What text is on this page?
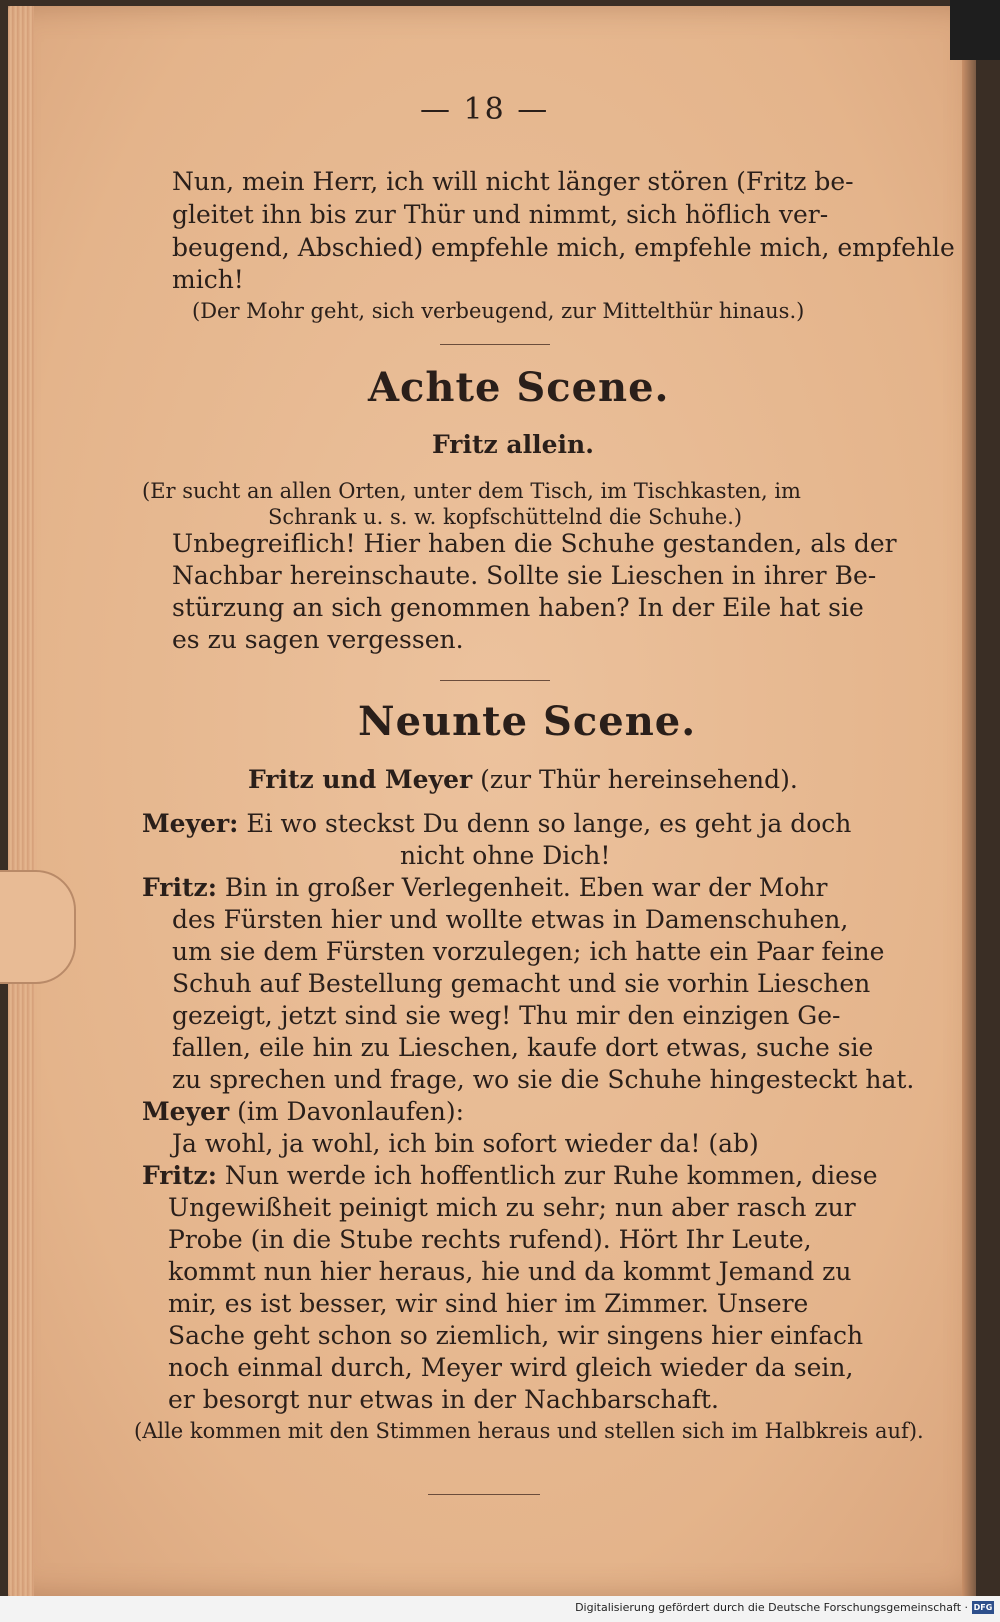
— 18 —
Nun, mein Herr, ich will nicht länger stören (Fritz be-
gleitet ihn bis zur Thür und nimmt, sich höflich ver-
beugend, Abschied) empfehle mich, empfehle mich, empfehle
mich!
(Der Mohr geht, sich verbeugend, zur Mittelthür hinaus.)
Achte Scene.
Fritz allein.
(Er sucht an allen Orten, unter dem Tisch, im Tischkasten, im
Schrank u. s. w. kopfschüttelnd die Schuhe.)
Unbegreiflich! Hier haben die Schuhe gestanden, als der
Nachbar hereinschaute. Sollte sie Lieschen in ihrer Be-
stürzung an sich genommen haben? In der Eile hat sie
es zu sagen vergessen.
Neunte Scene.
Fritz und Meyer (zur Thür hereinsehend).
Meyer: Ei wo steckst Du denn so lange, es geht ja doch
nicht ohne Dich!
Fritz: Bin in großer Verlegenheit. Eben war der Mohr
des Fürsten hier und wollte etwas in Damenschuhen,
um sie dem Fürsten vorzulegen; ich hatte ein Paar feine
Schuh auf Bestellung gemacht und sie vorhin Lieschen
gezeigt, jetzt sind sie weg! Thu mir den einzigen Ge-
fallen, eile hin zu Lieschen, kaufe dort etwas, suche sie
zu sprechen und frage, wo sie die Schuhe hingesteckt hat.
Meyer (im Davonlaufen):
Ja wohl, ja wohl, ich bin sofort wieder da! (ab)
Fritz: Nun werde ich hoffentlich zur Ruhe kommen, diese
Ungewißheit peinigt mich zu sehr; nun aber rasch zur
Probe (in die Stube rechts rufend). Hört Ihr Leute,
kommt nun hier heraus, hie und da kommt Jemand zu
mir, es ist besser, wir sind hier im Zimmer. Unsere
Sache geht schon so ziemlich, wir singens hier einfach
noch einmal durch, Meyer wird gleich wieder da sein,
er besorgt nur etwas in der Nachbarschaft.
(Alle kommen mit den Stimmen heraus und stellen sich im Halbkreis auf).
Digitalisierung gefördert durch die Deutsche Forschungsgemeinschaft · DFG
